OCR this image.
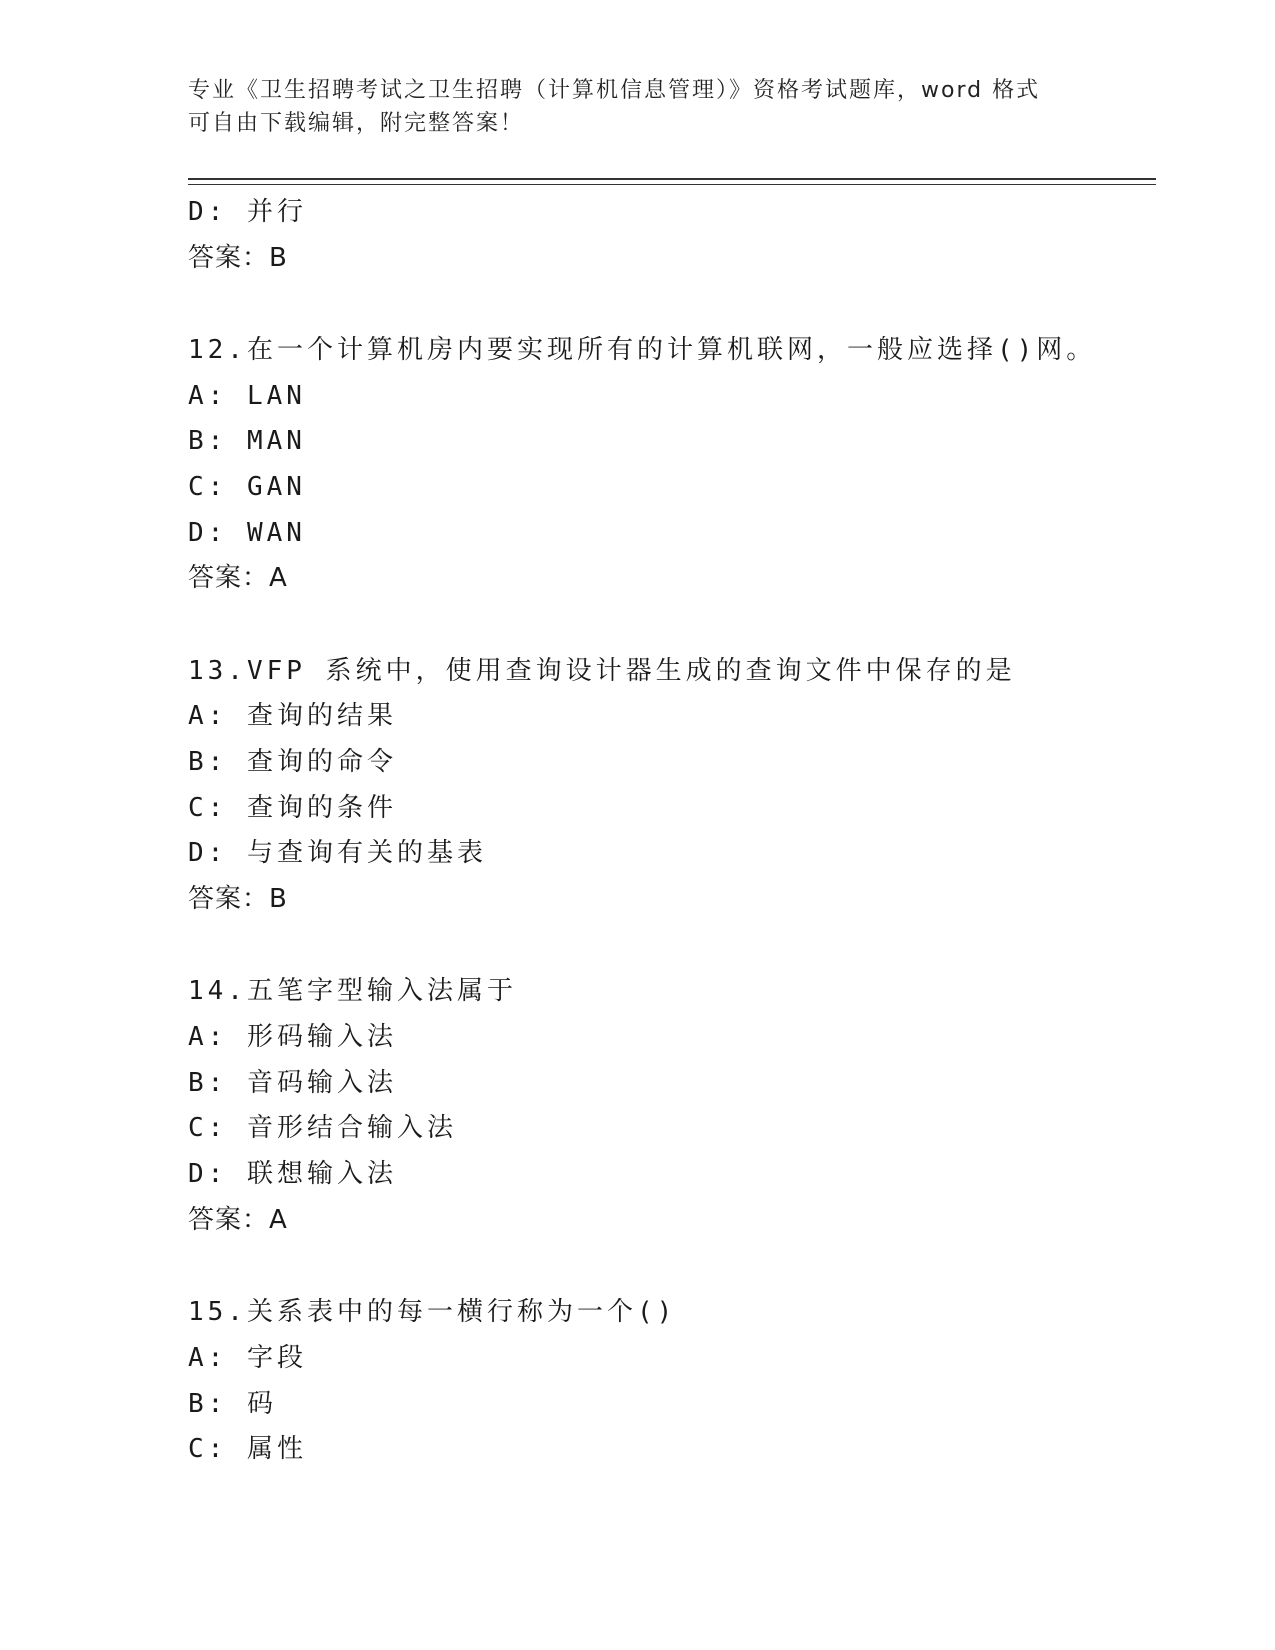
专业《卫生招聘考试之卫生招聘（计算机信息管理）》资格考试题库，word 格式
可自由下载编辑，附完整答案！
D: 并行
答案：B
12.在一个计算机房内要实现所有的计算机联网，一般应选择()网。
A: LAN
B: MAN
C: GAN
D: WAN
答案：A
13.VFP 系统中，使用查询设计器生成的查询文件中保存的是
A: 查询的结果
B: 查询的命令
C: 查询的条件
D: 与查询有关的基表
答案：B
14.五笔字型输入法属于
A: 形码输入法
B: 音码输入法
C: 音形结合输入法
D: 联想输入法
答案：A
15.关系表中的每一横行称为一个()
A: 字段
B: 码
C: 属性
